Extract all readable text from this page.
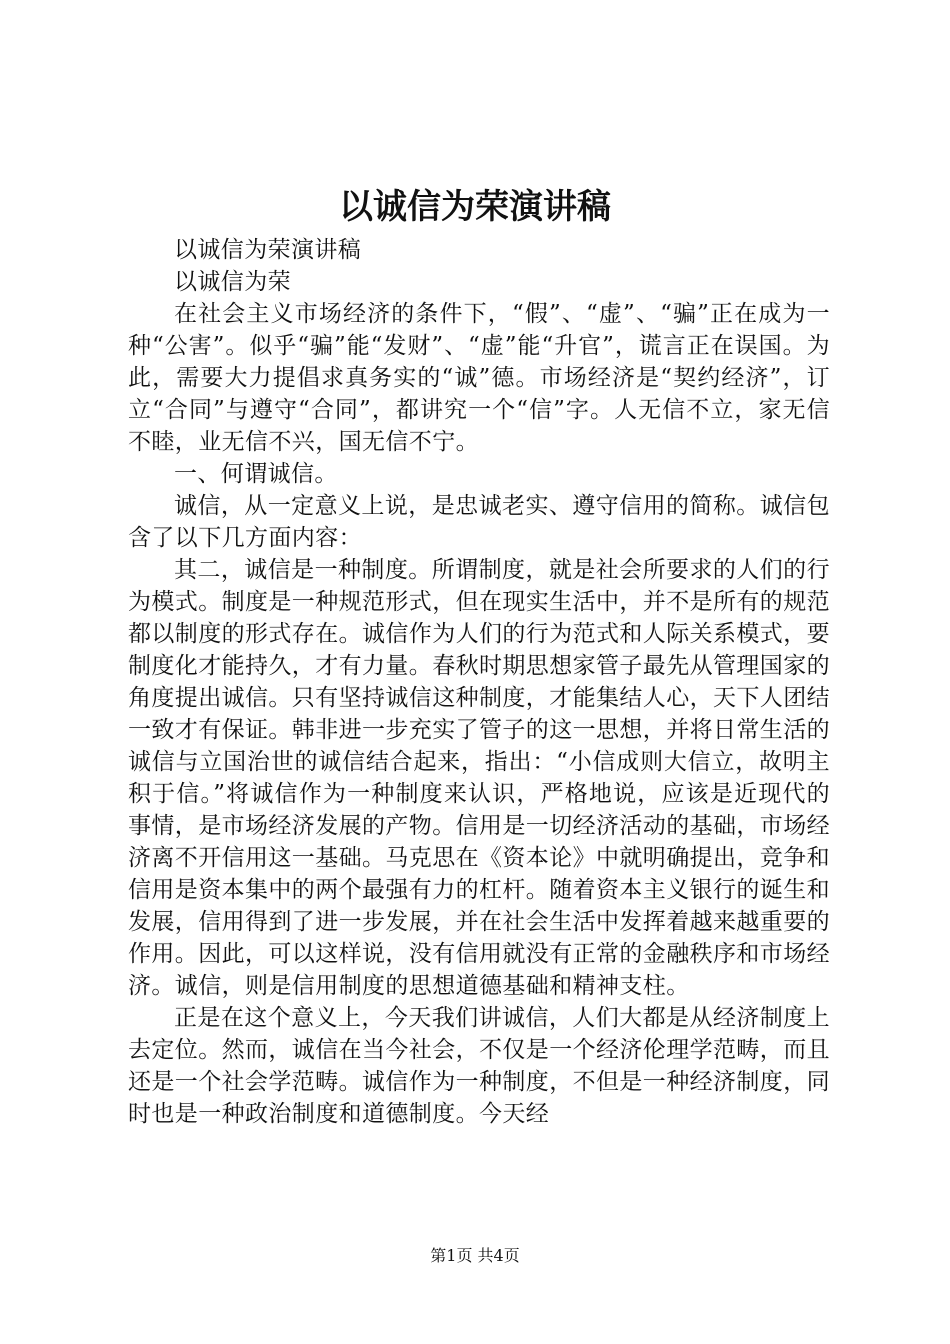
以诚信为荣演讲稿

以诚信为荣演讲稿

以诚信为荣

在社会主义市场经济的条件下，“假”、“虚”、“骗”正在成为一种“公害”。似乎“骗”能“发财”、“虚”能“升官”，谎言正在误国。为此，需要大力提倡求真务实的“诚”德。市场经济是“契约经济”，订立“合同”与遵守“合同”，都讲究一个“信”字。人无信不立，家无信不睦，业无信不兴，国无信不宁。

一、何谓诚信。

诚信，从一定意义上说，是忠诚老实、遵守信用的简称。诚信包含了以下几方面内容：

其二，诚信是一种制度。所谓制度，就是社会所要求的人们的行为模式。制度是一种规范形式，但在现实生活中，并不是所有的规范都以制度的形式存在。诚信作为人们的行为范式和人际关系模式，要制度化才能持久，才有力量。春秋时期思想家管子最先从管理国家的角度提出诚信。只有坚持诚信这种制度，才能集结人心，天下人团结一致才有保证。韩非进一步充实了管子的这一思想，并将日常生活的诚信与立国治世的诚信结合起来，指出：“小信成则大信立，故明主积于信。”将诚信作为一种制度来认识，严格地说，应该是近现代的事情，是市场经济发展的产物。信用是一切经济活动的基础，市场经济离不开信用这一基础。马克思在《资本论》中就明确提出，竞争和信用是资本集中的两个最强有力的杠杆。随着资本主义银行的诞生和发展，信用得到了进一步发展，并在社会生活中发挥着越来越重要的作用。因此，可以这样说，没有信用就没有正常的金融秩序和市场经济。诚信，则是信用制度的思想道德基础和精神支柱。

正是在这个意义上，今天我们讲诚信，人们大都是从经济制度上去定位。然而，诚信在当今社会，不仅是一个经济伦理学范畴，而且还是一个社会学范畴。诚信作为一种制度，不但是一种经济制度，同时也是一种政治制度和道德制度。今天经

第1页 共4页
